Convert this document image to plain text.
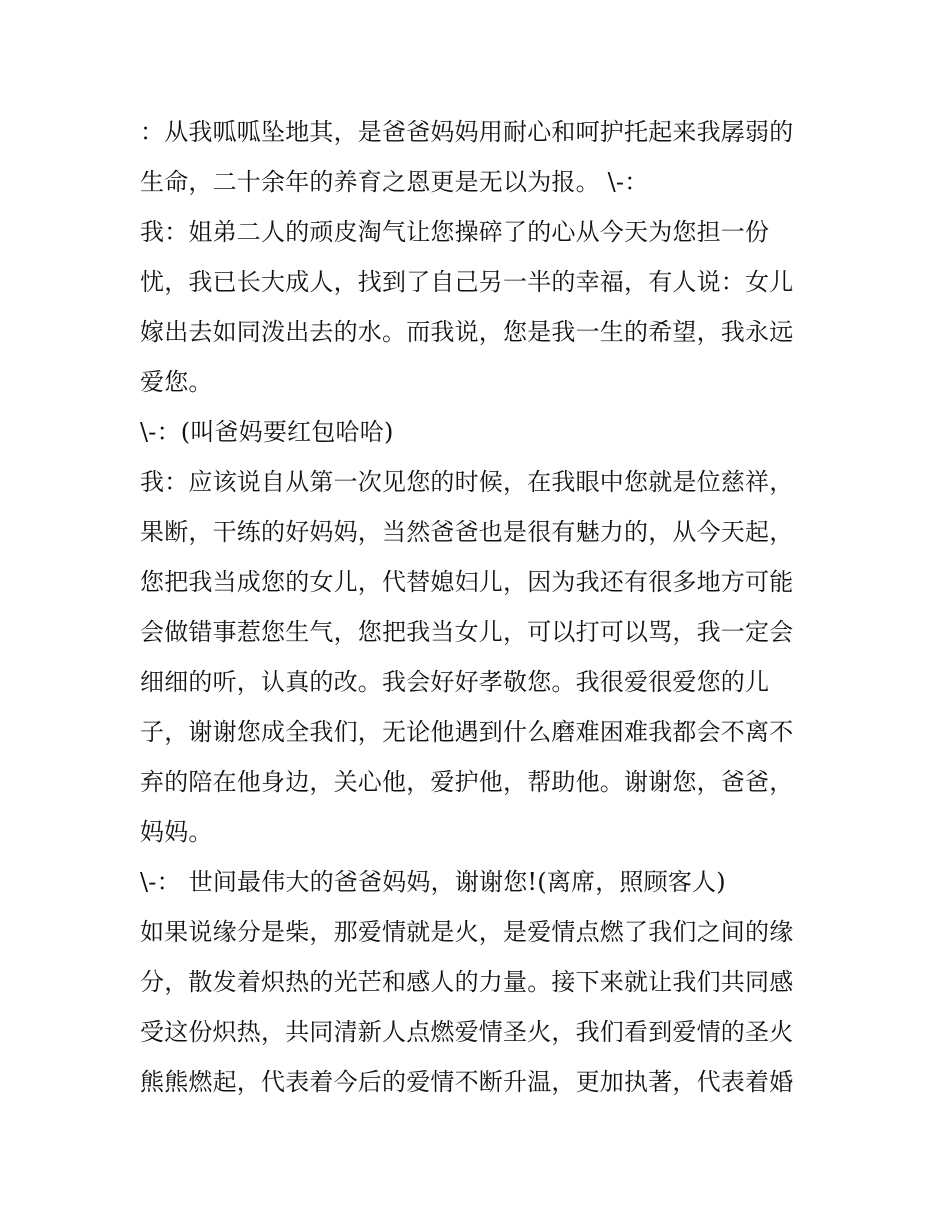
：从我呱呱坠地其，是爸爸妈妈用耐心和呵护托起来我孱弱的
生命，二十余年的养育之恩更是无以为报。 \-：
我：姐弟二人的顽皮淘气让您操碎了的心从今天为您担一份
忧，我已长大成人，找到了自己另一半的幸福，有人说：女儿
嫁出去如同泼出去的水。而我说，您是我一生的希望，我永远
爱您。
\-：(叫爸妈要红包哈哈)
我：应该说自从第一次见您的时候，在我眼中您就是位慈祥，
果断，干练的好妈妈，当然爸爸也是很有魅力的，从今天起，
您把我当成您的女儿，代替媳妇儿，因为我还有很多地方可能
会做错事惹您生气，您把我当女儿，可以打可以骂，我一定会
细细的听，认真的改。我会好好孝敬您。我很爱很爱您的儿
子，谢谢您成全我们，无论他遇到什么磨难困难我都会不离不
弃的陪在他身边，关心他，爱护他，帮助他。谢谢您，爸爸，
妈妈。
\-： 世间最伟大的爸爸妈妈，谢谢您!(离席，照顾客人)
如果说缘分是柴，那爱情就是火，是爱情点燃了我们之间的缘
分，散发着炽热的光芒和感人的力量。接下来就让我们共同感
受这份炽热，共同清新人点燃爱情圣火，我们看到爱情的圣火
熊熊燃起，代表着今后的爱情不断升温，更加执著，代表着婚
